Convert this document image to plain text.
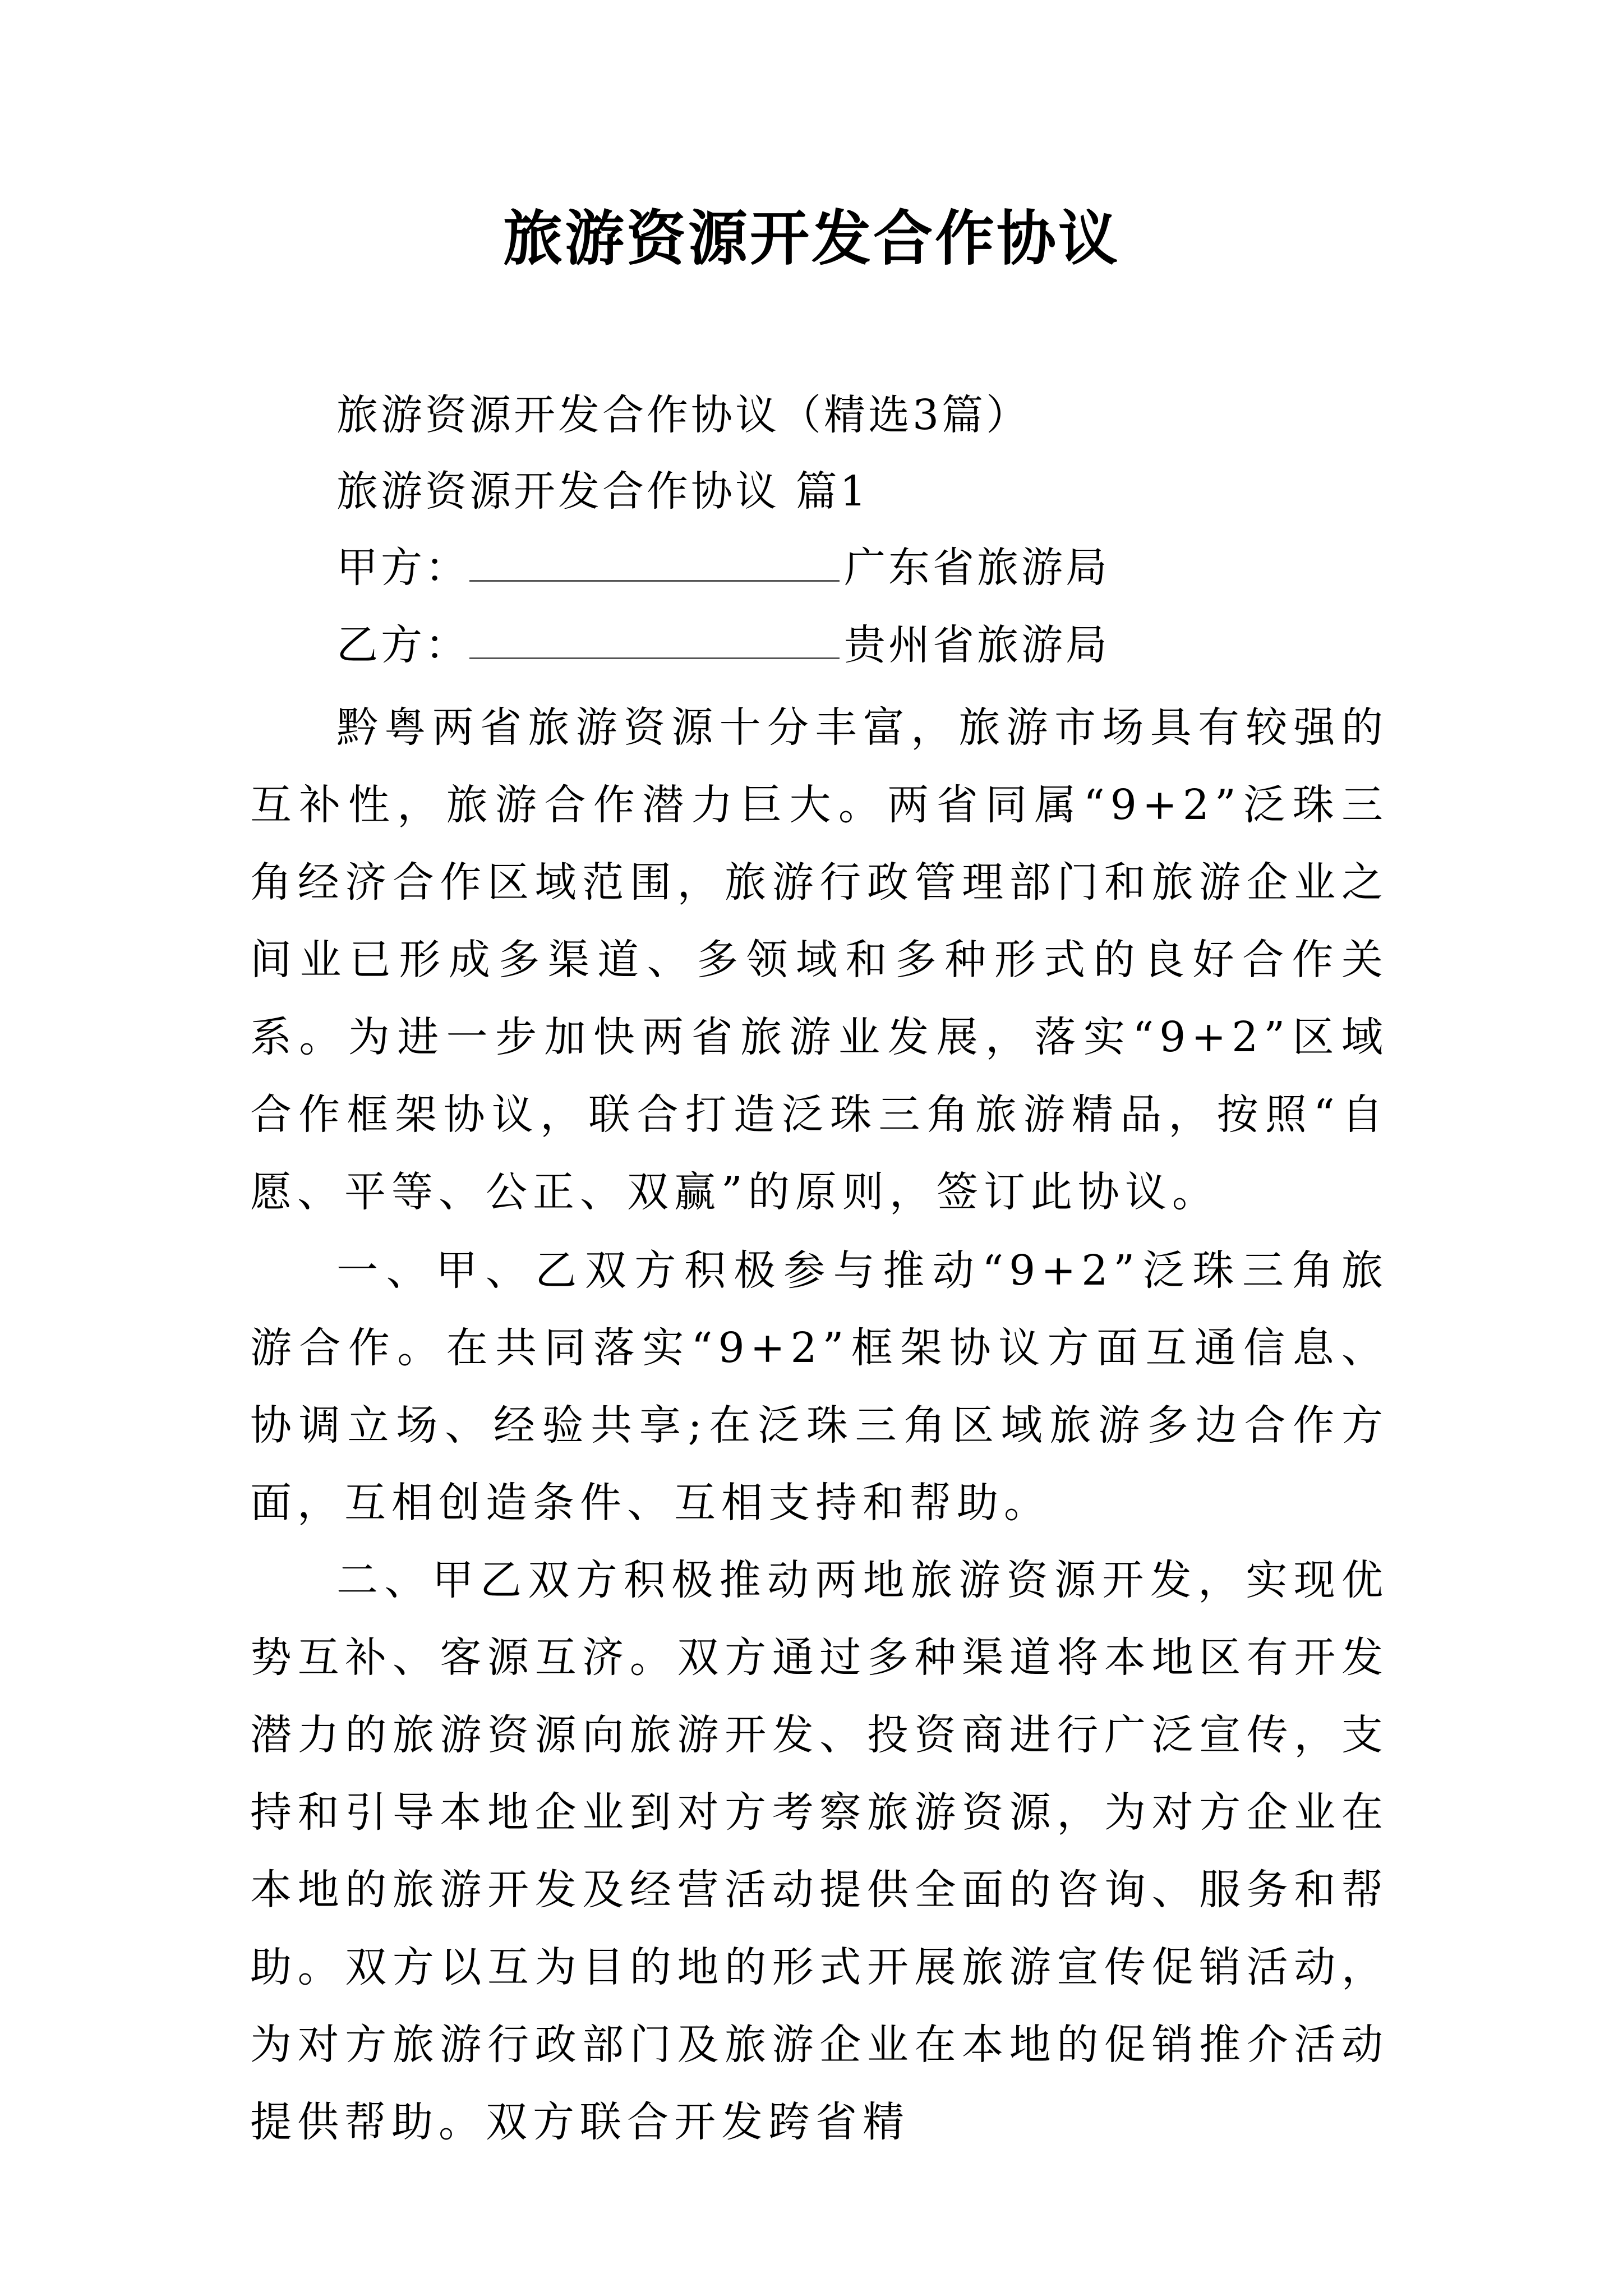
旅游资源开发合作协议
旅游资源开发合作协议（精选3篇）
旅游资源开发合作协议 篇1
甲方：	广东省旅游局
乙方：	贵州省旅游局

黔粤两省旅游资源十分丰富，旅游市场具有较强的互补性，旅游合作潜力巨大。两省同属“9+2”泛珠三角经济合作区域范围，旅游行政管理部门和旅游企业之间业已形成多渠道、多领域和多种形式的良好合作关系。为进一步加快两省旅游业发展，落实“9+2”区域合作框架协议，联合打造泛珠三角旅游精品，按照“自愿、平等、公正、双赢”的原则，签订此协议。

一、甲、乙双方积极参与推动“9+2”泛珠三角旅游合作。在共同落实“9+2”框架协议方面互通信息、协调立场、经验共享;在泛珠三角区域旅游多边合作方面，互相创造条件、互相支持和帮助。

二、甲乙双方积极推动两地旅游资源开发，实现优势互补、客源互济。双方通过多种渠道将本地区有开发潜力的旅游资源向旅游开发、投资商进行广泛宣传，支持和引导本地企业到对方考察旅游资源，为对方企业在本地的旅游开发及经营活动提供全面的咨询、服务和帮助。双方以互为目的地的形式开展旅游宣传促销活动，为对方旅游行政部门及旅游企业在本地的促销推介活动提供帮助。双方联合开发跨省精
